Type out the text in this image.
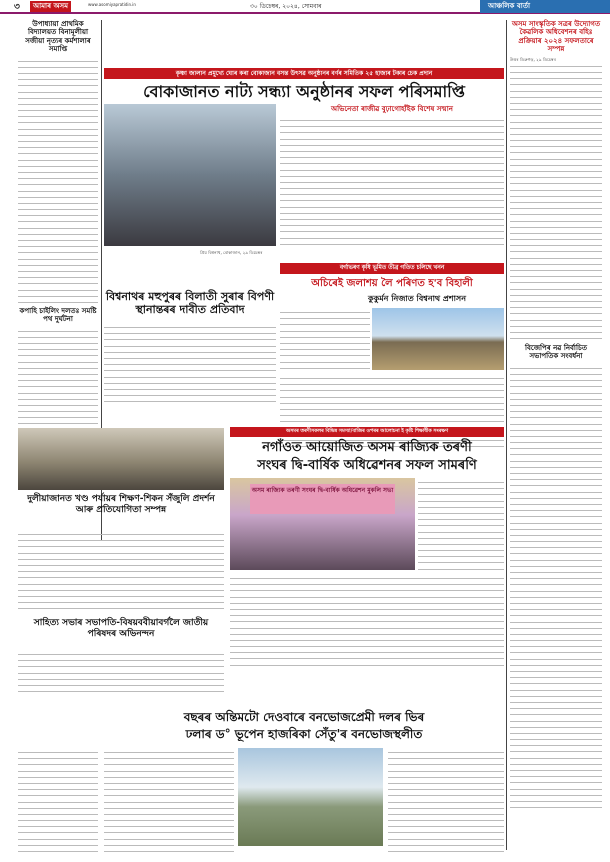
৩	আমাৰ অসম	www.asomiyapratidin.in	৩০ ডিচেম্বৰ, ২০২৪, সোমবাৰ	আঞ্চলিক বাৰ্তা
উপাধ্যায়া প্ৰাথমিক বিদ্যালয়ত বিনামূলীয়া সজীয়া নৃত্যৰ কৰ্মশালাৰ সমাপ্তি
কপাহি চাইলিং দলতঃ সমষ্টি পথ দুৰ্ঘটনা
কৃষ্ণা জালান প্ৰমুখ্যে ঘোৰ কৰা বোকাজান বসন্ত উৎসৱ অনুষ্ঠানৰ বৰ্ণৰ সমিতিক ২৫ হাজাৰ টকাৰ চেক প্ৰদান
বোকাজানত নাট্য সন্ধ্যা অনুষ্ঠানৰ সফল পৰিসমাপ্তি
প্ৰিয় বিশ্বনাথ, বোকাজান, ২৯ ডিচেম্বৰ
অভিনেতা ৰাজীৱ বুঢ়াগোহাঁইক বিশেষ সন্মান
বিশ্বনাথৰ মহুপুৰৰ বিলাতী সুৰাৰ বিপণী স্থানান্তৰৰ দাবীত প্ৰতিবাদ
বৰ্গাভৰণ কৃষি ভূমিত তীব্ৰ গতিত চলিছে খনন
অচিৰেই জলাশয় লৈ পৰিণত হ'ব বিহালী
কুকুৰ্মন নিজাত বিশ্বনাথ প্ৰশাসন
অসমৰ তৰণীসকলৰ বিভিন্ন সমস্যা/বাজিৰ ওপৰৰ আলোচনা ই কৃষ্টি শিক্ষাধীক সংৰক্ষণ
নগাঁওত আয়োজিত অসম ৰাজ্যিক তৰণী
সংঘৰ দ্বি-বাৰ্ষিক অধিৱেশনৰ সফল সামৰণি
অসম ৰাজ্যিক তৰণী সংঘৰ দ্বি-বাৰ্ষিক অধিৱেশন মুকলি সভা
দুলীয়াজানত খণ্ড পৰ্যায়ৰ শিক্ষণ-শিকন সঁজুলি প্ৰদৰ্শন আৰু প্ৰতিযোগিতা সম্পন্ন
সাহিত্য সভাৰ সভাপতি-বিষয়ববীয়াবৰ্গলৈ জাতীয় পৰিষদৰ অভিনন্দন
বছৰৰ অন্তিমটো দেওবাৰে বনভোজপ্ৰেমী দলৰ ভিৰ
ঢলাৰ ড° ভূপেন হাজৰিকা সেঁতু'ৰ বনভোজস্থলীত
অসম সাংস্কৃতিক সত্ৰৰ উদ্যোগত কৈৱলিক অধিবেশনৰ বহিঃ প্ৰক্ৰিয়াৰ ২০২৪ সফলতাৰে সম্পন্ন
উত্তৰ ডিব্ৰুগড়, ২৯ ডিচেম্বৰ
বিজেপিৰ নৱ নিৰ্বাচিত সভাপতিক সংবৰ্ধনা
